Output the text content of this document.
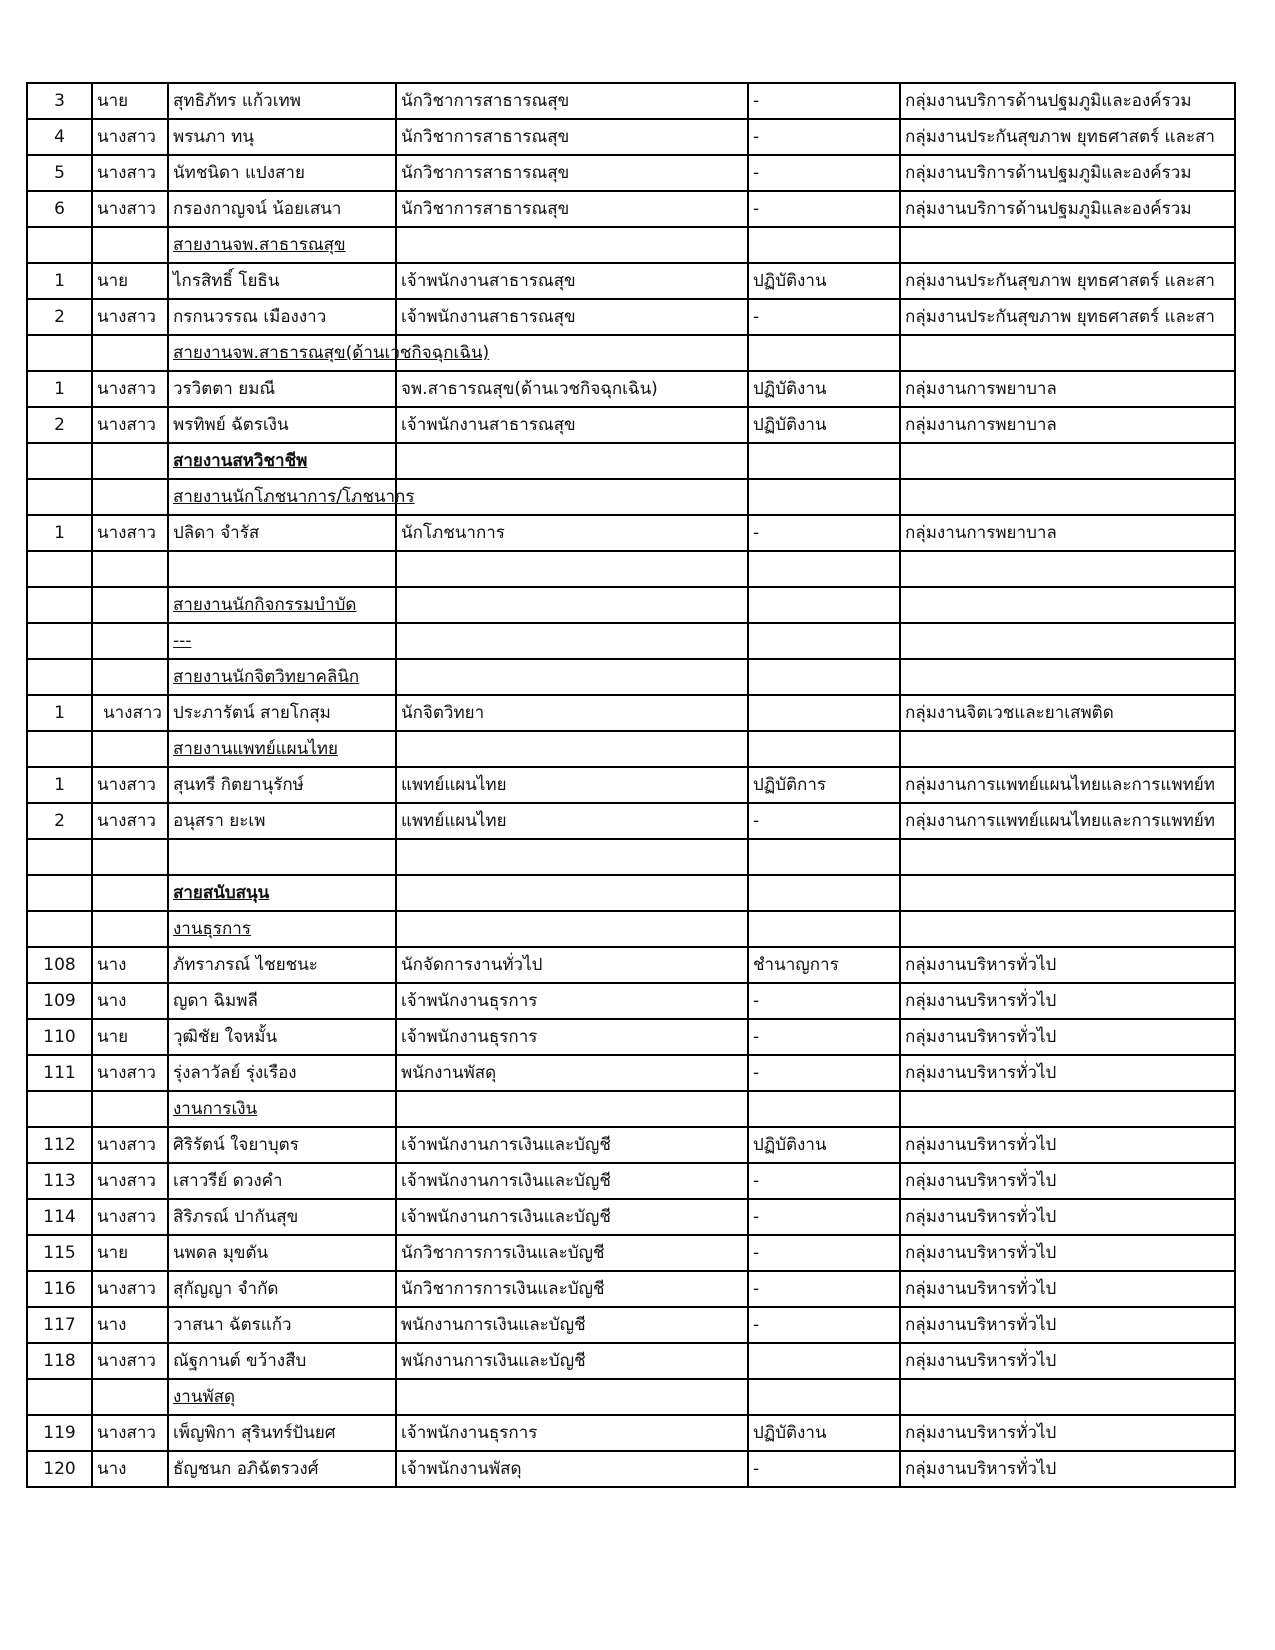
3	นาย	สุทธิภัทร แก้วเทพ	นักวิชาการสาธารณสุข	-	กลุ่มงานบริการด้านปฐมภูมิและองค์รวม
4	นางสาว	พรนภา ทนุ	นักวิชาการสาธารณสุข	-	กลุ่มงานประกันสุขภาพ ยุทธศาสตร์ และสา
5	นางสาว	นัทชนิดา แปงสาย	นักวิชาการสาธารณสุข	-	กลุ่มงานบริการด้านปฐมภูมิและองค์รวม
6	นางสาว	กรองกาญจน์ น้อยเสนา	นักวิชาการสาธารณสุข	-	กลุ่มงานบริการด้านปฐมภูมิและองค์รวม
		สายงานจพ.สาธารณสุข			
1	นาย	ไกรสิทธิ์ โยธิน	เจ้าพนักงานสาธารณสุข	ปฏิบัติงาน	กลุ่มงานประกันสุขภาพ ยุทธศาสตร์ และสา
2	นางสาว	กรกนวรรณ เมืองงาว	เจ้าพนักงานสาธารณสุข	-	กลุ่มงานประกันสุขภาพ ยุทธศาสตร์ และสา
		สายงานจพ.สาธารณสุข(ด้านเวชกิจฉุกเฉิน)			
1	นางสาว	วรวิตตา ยมณี	จพ.สาธารณสุข(ด้านเวชกิจฉุกเฉิน)	ปฏิบัติงาน	กลุ่มงานการพยาบาล
2	นางสาว	พรทิพย์ ฉัตรเงิน	เจ้าพนักงานสาธารณสุข	ปฏิบัติงาน	กลุ่มงานการพยาบาล
		สายงานสหวิชาชีพ			
		สายงานนักโภชนาการ/โภชนากร			
1	นางสาว	ปลิดา จำรัส	นักโภชนาการ	-	กลุ่มงานการพยาบาล

		สายงานนักกิจกรรมบำบัด			
		---			
		สายงานนักจิตวิทยาคลินิก			
1	นางสาว	ประภารัตน์ สายโกสุม	นักจิตวิทยา		กลุ่มงานจิตเวชและยาเสพติด
		สายงานแพทย์แผนไทย			
1	นางสาว	สุนทรี กิตยานุรักษ์	แพทย์แผนไทย	ปฏิบัติการ	กลุ่มงานการแพทย์แผนไทยและการแพทย์ท
2	นางสาว	อนุสรา ยะเพ	แพทย์แผนไทย	-	กลุ่มงานการแพทย์แผนไทยและการแพทย์ท

		สายสนับสนุน			
		งานธุรการ			
108	นาง	ภัทราภรณ์ ไชยชนะ	นักจัดการงานทั่วไป	ชำนาญการ	กลุ่มงานบริหารทั่วไป
109	นาง	ญดา ฉิมพลี	เจ้าพนักงานธุรการ	-	กลุ่มงานบริหารทั่วไป
110	นาย	วุฒิชัย ใจหมั้น	เจ้าพนักงานธุรการ	-	กลุ่มงานบริหารทั่วไป
111	นางสาว	รุ่งลาวัลย์ รุ่งเรือง	พนักงานพัสดุ	-	กลุ่มงานบริหารทั่วไป
		งานการเงิน			
112	นางสาว	ศิริรัตน์ ใจยาบุตร	เจ้าพนักงานการเงินและบัญชี	ปฏิบัติงาน	กลุ่มงานบริหารทั่วไป
113	นางสาว	เสาวรีย์ ดวงคำ	เจ้าพนักงานการเงินและบัญชี	-	กลุ่มงานบริหารทั่วไป
114	นางสาว	สิริภรณ์ ปากันสุข	เจ้าพนักงานการเงินและบัญชี	-	กลุ่มงานบริหารทั่วไป
115	นาย	นพดล มุขตัน	นักวิชาการการเงินและบัญชี	-	กลุ่มงานบริหารทั่วไป
116	นางสาว	สุกัญญา จำกัด	นักวิชาการการเงินและบัญชี	-	กลุ่มงานบริหารทั่วไป
117	นาง	วาสนา ฉัตรแก้ว	พนักงานการเงินและบัญชี	-	กลุ่มงานบริหารทั่วไป
118	นางสาว	ณัฐกานต์ ขว้างสืบ	พนักงานการเงินและบัญชี		กลุ่มงานบริหารทั่วไป
		งานพัสดุ			
119	นางสาว	เพ็ญพิกา สุรินทร์ปันยศ	เจ้าพนักงานธุรการ	ปฏิบัติงาน	กลุ่มงานบริหารทั่วไป
120	นาง	ธัญชนก อภิฉัตรวงศ์	เจ้าพนักงานพัสดุ	-	กลุ่มงานบริหารทั่วไป
